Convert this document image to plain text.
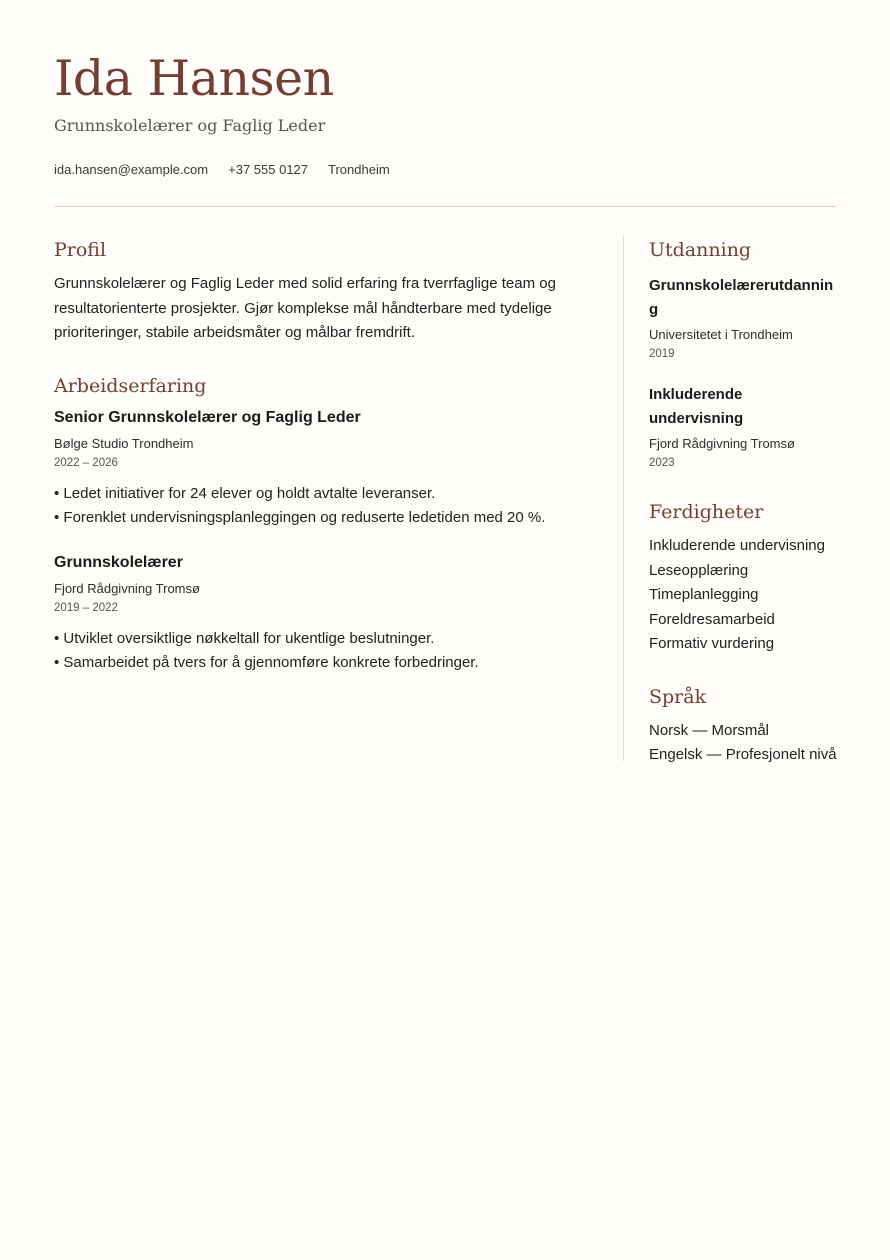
Ida Hansen

Grunnskolelærer og Faglig Leder

ida.hansen@example.com +37 555 0127 Trondheim
Profil

Grunnskolelærer og Faglig Leder med solid erfaring fra tverrfaglige team og resultatorienterte prosjekter. Gjør komplekse mål håndterbare med tydelige prioriteringer, stabile arbeidsmåter og målbar fremdrift.

Arbeidserfaring
Senior Grunnskolelærer og Faglig Leder

Bølge Studio Trondheim

2022 – 2026

• Ledet initiativer for 24 elever og holdt avtalte leveranser.
• Forenklet undervisningsplanleggingen og reduserte ledetiden med 20 %.
Grunnskolelærer

Fjord Rådgivning Tromsø

2019 – 2022

• Utviklet oversiktlige nøkkeltall for ukentlige beslutninger.
• Samarbeidet på tvers for å gjennomføre konkrete forbedringer.
Utdanning
Grunnskolelærerutdanning

Universitetet i Trondheim

2019

Inkluderende undervisning

Fjord Rådgivning Tromsø

2023

Ferdigheter
Inkluderende undervisning
Leseopplæring
Timeplanlegging
Foreldresamarbeid
Formativ vurdering
Språk
Norsk — Morsmål
Engelsk — Profesjonelt nivå
